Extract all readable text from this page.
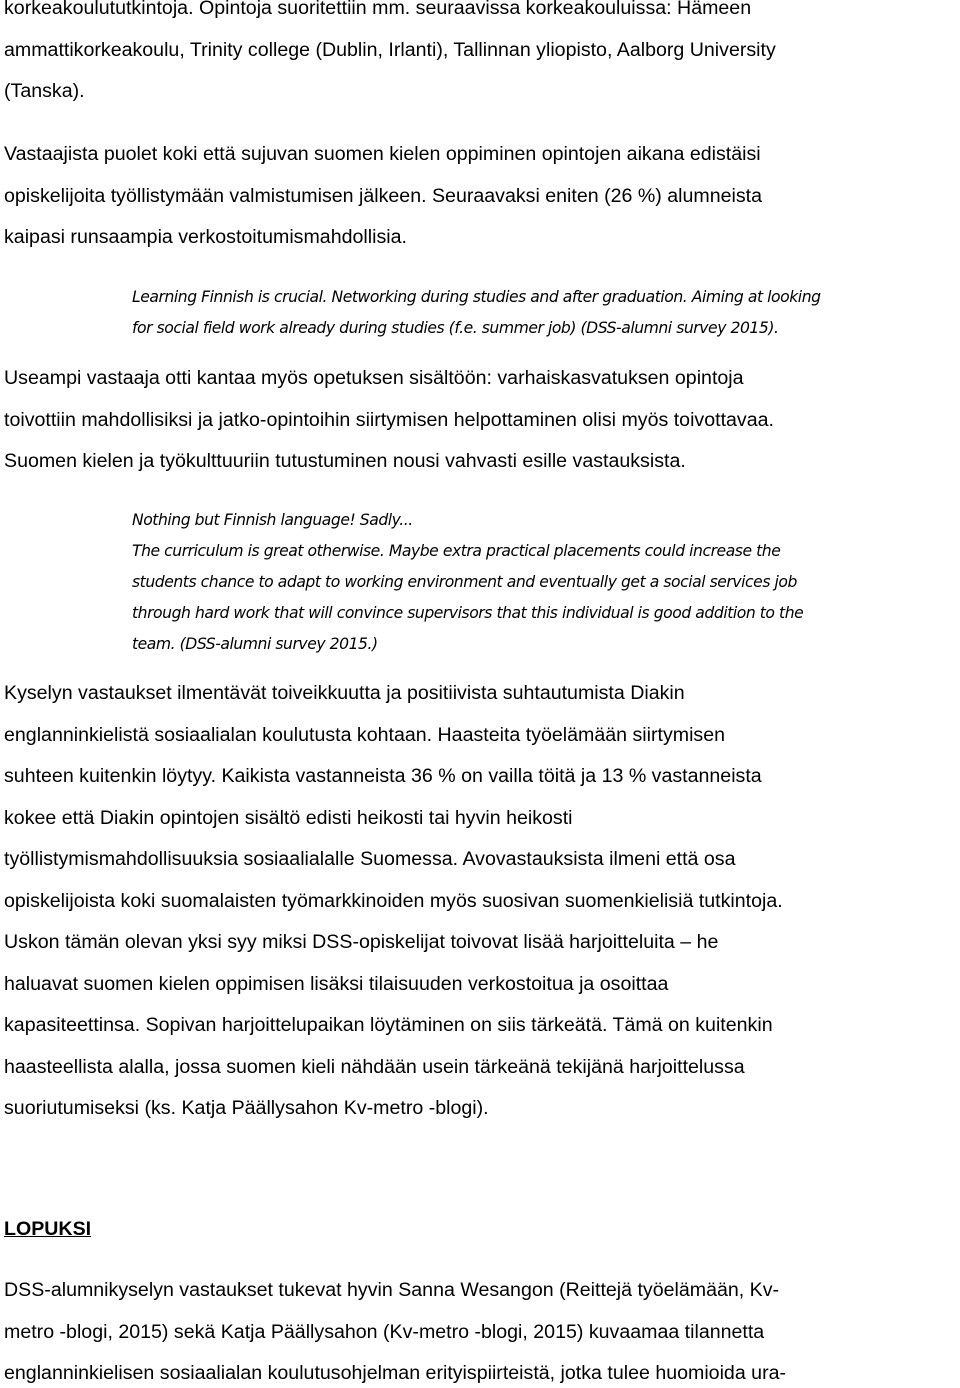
korkeakoulututkintoja. Opintoja suoritettiin mm. seuraavissa korkeakouluissa: Hämeen
ammattikorkeakoulu, Trinity college (Dublin, Irlanti), Tallinnan yliopisto, Aalborg University
(Tanska).

Vastaajista puolet koki että sujuvan suomen kielen oppiminen opintojen aikana edistäisi
opiskelijoita työllistymään valmistumisen jälkeen. Seuraavaksi eniten (26 %) alumneista
kaipasi runsaampia verkostoitumismahdollisia.

Learning Finnish is crucial. Networking during studies and after graduation. Aiming at looking
for social field work already during studies (f.e. summer job) (DSS-alumni survey 2015).

Useampi vastaaja otti kantaa myös opetuksen sisältöön: varhaiskasvatuksen opintoja
toivottiin mahdollisiksi ja jatko-opintoihin siirtymisen helpottaminen olisi myös toivottavaa.
Suomen kielen ja työkulttuuriin tutustuminen nousi vahvasti esille vastauksista.

Nothing but Finnish language! Sadly...
The curriculum is great otherwise. Maybe extra practical placements could increase the
students chance to adapt to working environment and eventually get a social services job
through hard work that will convince supervisors that this individual is good addition to the
team. (DSS-alumni survey 2015.)

Kyselyn vastaukset ilmentävät toiveikkuutta ja positiivista suhtautumista Diakin
englanninkielistä sosiaalialan koulutusta kohtaan. Haasteita työelämään siirtymisen
suhteen kuitenkin löytyy. Kaikista vastanneista 36 % on vailla töitä ja 13 % vastanneista
kokee että Diakin opintojen sisältö edisti heikosti tai hyvin heikosti
työllistymismahdollisuuksia sosiaalialalle Suomessa. Avovastauksista ilmeni että osa
opiskelijoista koki suomalaisten työmarkkinoiden myös suosivan suomenkielisiä tutkintoja.
Uskon tämän olevan yksi syy miksi DSS-opiskelijat toivovat lisää harjoitteluita – he
haluavat suomen kielen oppimisen lisäksi tilaisuuden verkostoitua ja osoittaa
kapasiteettinsa. Sopivan harjoittelupaikan löytäminen on siis tärkeätä. Tämä on kuitenkin
haasteellista alalla, jossa suomen kieli nähdään usein tärkeänä tekijänä harjoittelussa
suoriutumiseksi (ks. Katja Päällysahon Kv-metro -blogi).

LOPUKSI

DSS-alumnikyselyn vastaukset tukevat hyvin Sanna Wesangon (Reittejä työelämään, Kv-
metro -blogi, 2015) sekä Katja Päällysahon (Kv-metro -blogi, 2015) kuvaamaa tilannetta
englanninkielisen sosiaalialan koulutusohjelman erityispiirteistä, jotka tulee huomioida ura-
